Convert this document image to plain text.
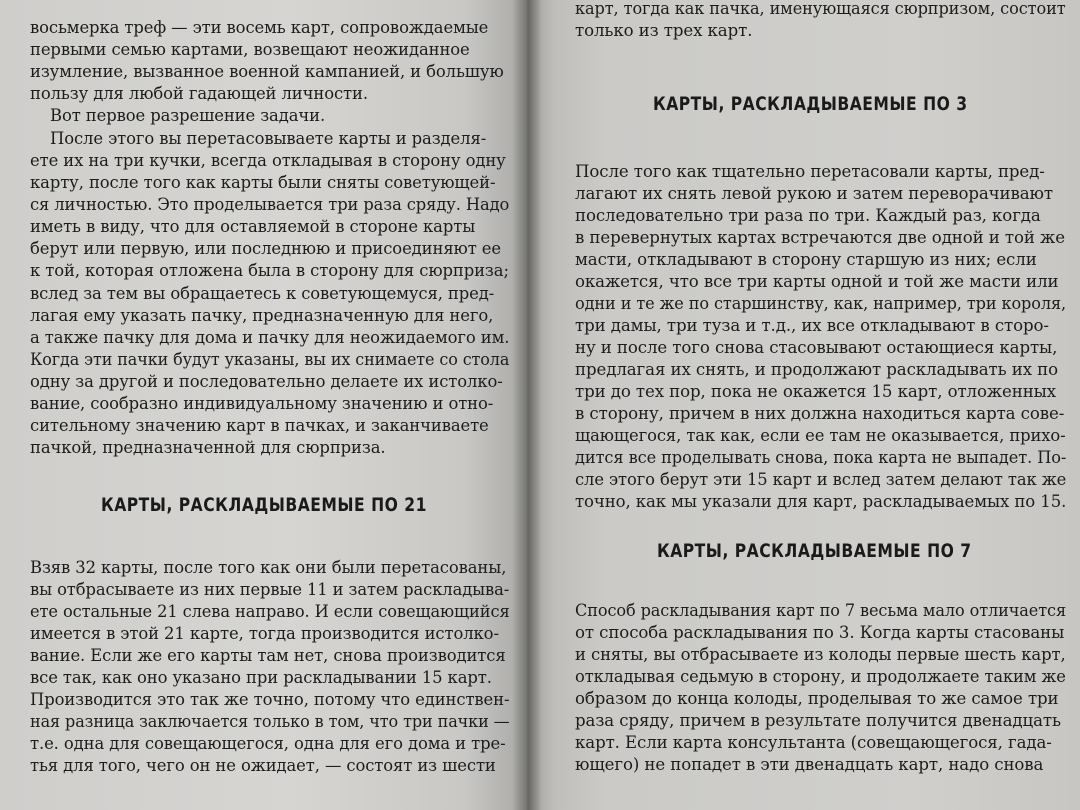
восьмерка треф — эти восемь карт, сопровождаемые
первыми семью картами, возвещают неожиданное
изумление, вызванное военной кампанией, и большую
пользу для любой гадающей личности.
Вот первое разрешение задачи.
После этого вы перетасовываете карты и разделя-
ете их на три кучки, всегда откладывая в сторону одну
карту, после того как карты были сняты советующей-
ся личностью. Это проделывается три раза сряду. Надо
иметь в виду, что для оставляемой в стороне карты
берут или первую, или последнюю и присоединяют ее
к той, которая отложена была в сторону для сюрприза;
вслед за тем вы обращаетесь к советующемуся, пред-
лагая ему указать пачку, предназначенную для него,
а также пачку для дома и пачку для неожидаемого им.
Когда эти пачки будут указаны, вы их снимаете со стола
одну за другой и последовательно делаете их истолко-
вание, сообразно индивидуальному значению и отно-
сительному значению карт в пачках, и заканчиваете
пачкой, предназначенной для сюрприза.
КАРТЫ, РАСКЛАДЫВАЕМЫЕ ПО 21
Взяв 32 карты, после того как они были перетасованы,
вы отбрасываете из них первые 11 и затем раскладыва-
ете остальные 21 слева направо. И если совещающийся
имеется в этой 21 карте, тогда производится истолко-
вание. Если же его карты там нет, снова производится
все так, как оно указано при раскладывании 15 карт.
Производится это так же точно, потому что единствен-
ная разница заключается только в том, что три пачки —
т.е. одна для совещающегося, одна для его дома и тре-
тья для того, чего он не ожидает, — состоят из шести
карт, тогда как пачка, именующаяся сюрпризом, состоит
только из трех карт.
КАРТЫ, РАСКЛАДЫВАЕМЫЕ ПО 3
После того как тщательно перетасовали карты, пред-
лагают их снять левой рукою и затем переворачивают
последовательно три раза по три. Каждый раз, когда
в перевернутых картах встречаются две одной и той же
масти, откладывают в сторону старшую из них; если
окажется, что все три карты одной и той же масти или
одни и те же по старшинству, как, например, три короля,
три дамы, три туза и т.д., их все откладывают в сторо-
ну и после того снова стасовывают остающиеся карты,
предлагая их снять, и продолжают раскладывать их по
три до тех пор, пока не окажется 15 карт, отложенных
в сторону, причем в них должна находиться карта сове-
щающегося, так как, если ее там не оказывается, прихо-
дится все проделывать снова, пока карта не выпадет. По-
сле этого берут эти 15 карт и вслед затем делают так же
точно, как мы указали для карт, раскладываемых по 15.
КАРТЫ, РАСКЛАДЫВАЕМЫЕ ПО 7
Способ раскладывания карт по 7 весьма мало отличается
от способа раскладывания по 3. Когда карты стасованы
и сняты, вы отбрасываете из колоды первые шесть карт,
откладывая седьмую в сторону, и продолжаете таким же
образом до конца колоды, проделывая то же самое три
раза сряду, причем в результате получится двенадцать
карт. Если карта консультанта (совещающегося, гада-
ющего) не попадет в эти двенадцать карт, надо снова
